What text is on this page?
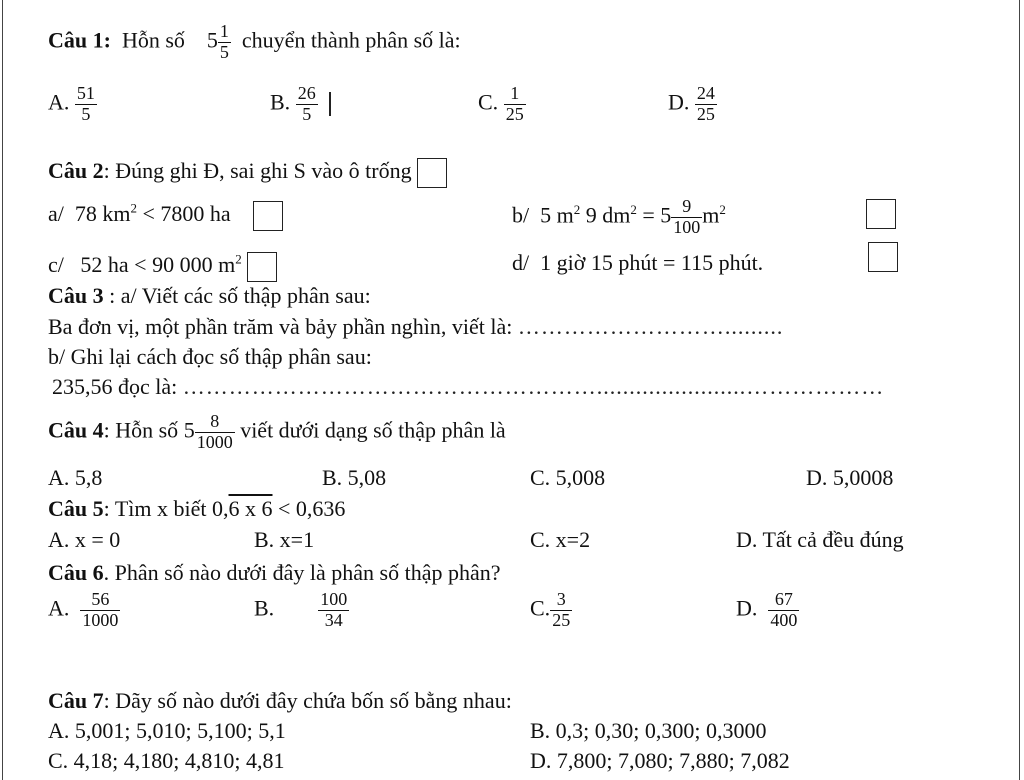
Câu 1: Hỗn số $5 \frac{1}{5}$ chuyển thành phân số là:
A. $\frac{51}{5}$	B. $\frac{26}{5}$
	C. $\frac{1}{25}$	D. $\frac{24}{25}$
Câu 2: Đúng ghi Đ, sai ghi S vào ô trống
a/ 78 $km^2 < 7800$ ha	b/ 5 $m^2$ 9 $dm^2 = 5 \frac{9}{100} m^2$
c/ 52 ha < 90 000 $m^2$	d/ 1 giờ 15 phút = 115 phút.
Câu 3 : a/ Viết các số thập phân sau:
Ba đơn vị, một phần trăm và bảy phần nghìn, viết là: ……………………….........
b/ Ghi lại cách đọc số thập phân sau:
235,56 đọc là: ……………………………………………….......................………………
Câu 4: Hỗn số $5 \frac{8}{1000}$ viết dưới dạng số thập phân là
A. 5,8	B. 5,08	C. 5,008	D. 5,0008
Câu 5: Tìm x biết 0,6 x 6 < 0,636
A. x = 0	B. x=1	C. x=2	D. Tất cả đều đúng
Câu 6. Phân số nào dưới đây là phân số thập phân?
A. $\frac{56}{1000}$	B. $\frac{100}{34}$	C. $\frac{3}{25}$	D. $\frac{67}{400}$
Câu 7: Dãy số nào dưới đây chứa bốn số bằng nhau:
A. 5,001; 5,010; 5,100; 5,1	B. 0,3; 0,30; 0,300; 0,3000
C. 4,18; 4,180; 4,810; 4,81	D. 7,800; 7,080; 7,880; 7,082
